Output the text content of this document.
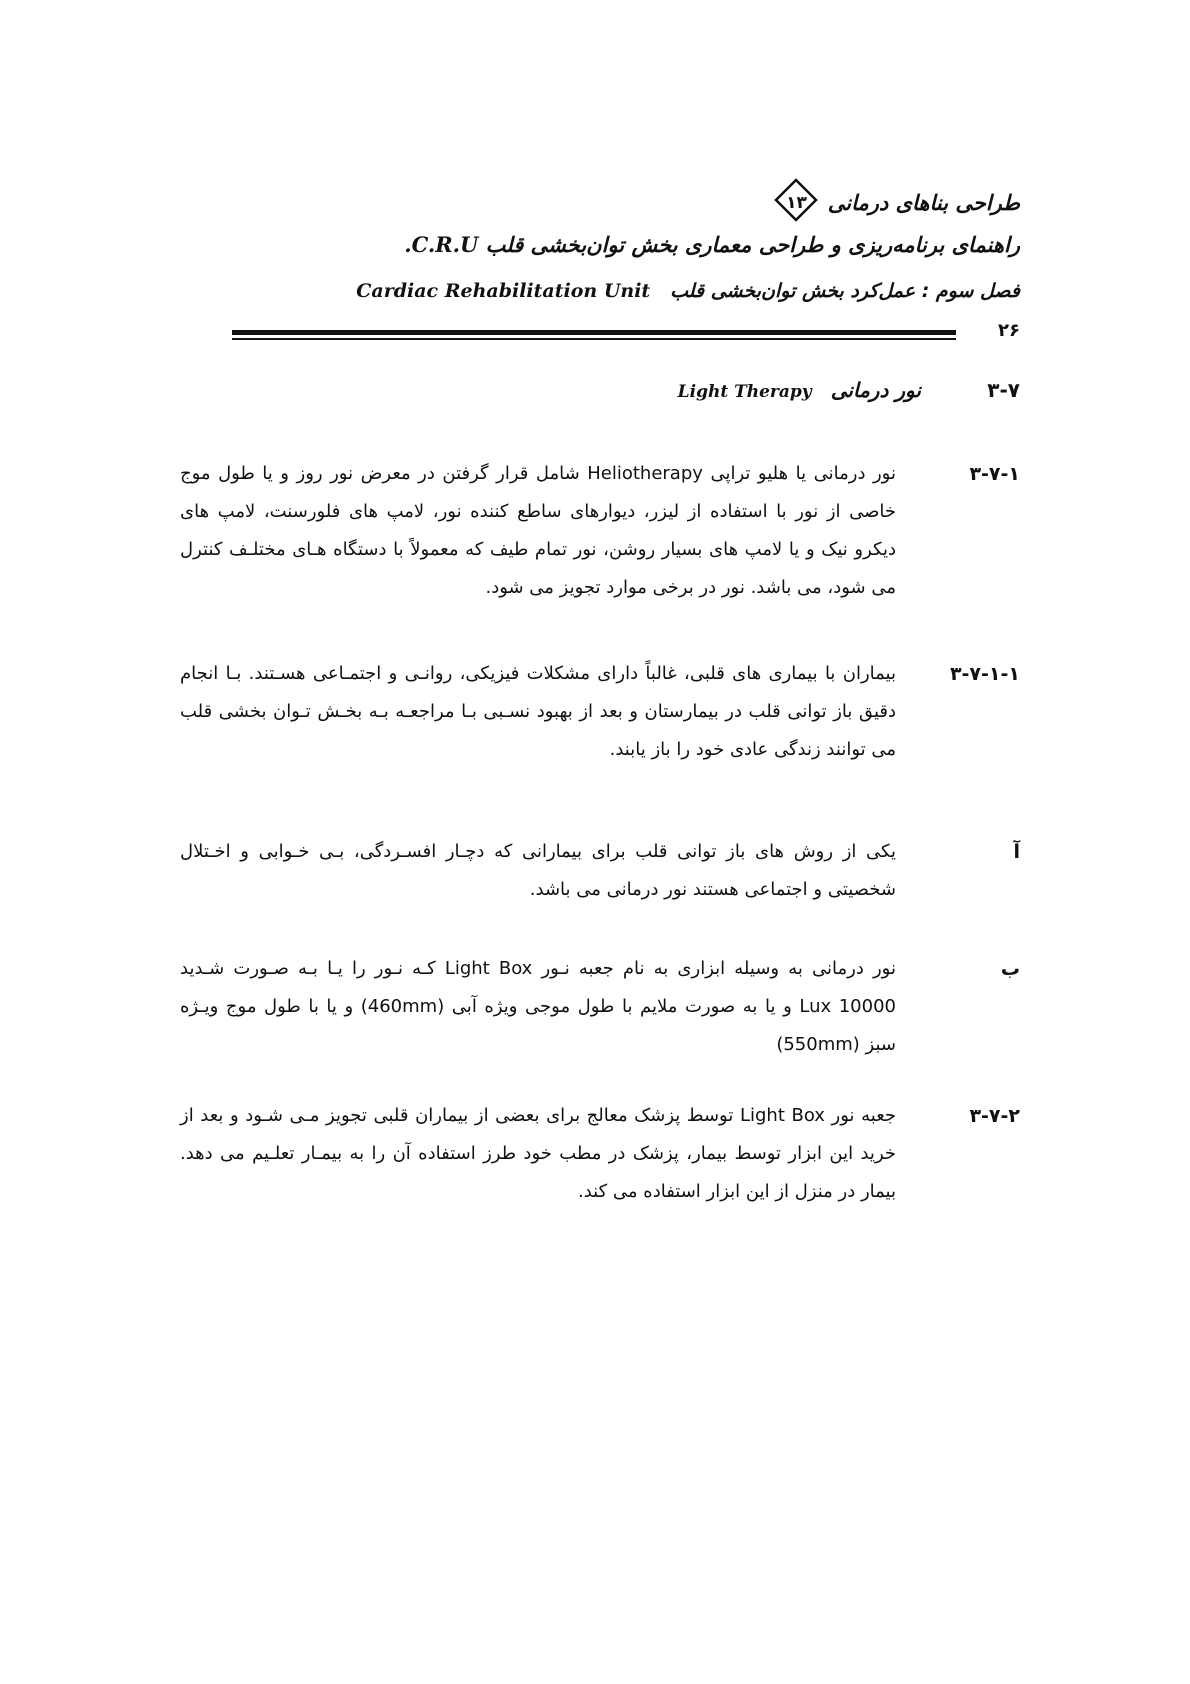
طراحی بناهای درمانی
۱۳
راهنمای برنامه‌ریزی و طراحی معماری بخش توان‌بخشی قلب C.R.U.
فصل سوم : عمل‌کرد بخش توان‌بخشی قلب   Cardiac Rehabilitation Unit
۲۶
۳-۷ نور درمانی Light Therapy
۳-۷-۱
نور درمانی یا هلیو تراپی Heliotherapy شامل قرار گرفتن در معرض نور روز و یا طول موج خاصی از نور با استفاده از لیزر، دیوارهای ساطع کننده نور، لامپ های فلورسنت، لامپ های دیکرو نیک و یا لامپ های بسیار روشن، نور تمام طیف که معمولاً با دستگاه هـای مختلـف کنترل می شود، می باشد. نور در برخی موارد تجویز می شود.
۳-۷-۱-۱
بیماران با بیماری های قلبی، غالباً دارای مشکلات فیزیکی، روانـی و اجتمـاعی هسـتند. بـا انجام دقیق باز توانی قلب در بیمارستان و بعد از بهبود نسـبی بـا مراجعـه بـه بخـش تـوان بخشی قلب می توانند زندگی عادی خود را باز یابند.
آ
یکی از روش های باز توانی قلب برای بیمارانی که دچـار افسـردگی، بـی خـوابی و اخـتلال شخصیتی و اجتماعی هستند نور درمانی می باشد.
ب
نور درمانی به وسیله ابزاری به نام جعبه نـور Light Box کـه نـور را یـا بـه صـورت شـدید 10000 Lux و یا به صورت ملایم با طول موجی ویژه آبی (460mm) و یا با طول موج ویـژه سبز (550mm)
۳-۷-۲
جعبه نور Light Box توسط پزشک معالج برای بعضی از بیماران قلبی تجویز مـی شـود و بعد از خرید این ابزار توسط بیمار، پزشک در مطب خود طرز استفاده آن را به بیمـار تعلـیم می دهد. بیمار در منزل از این ابزار استفاده می کند.
